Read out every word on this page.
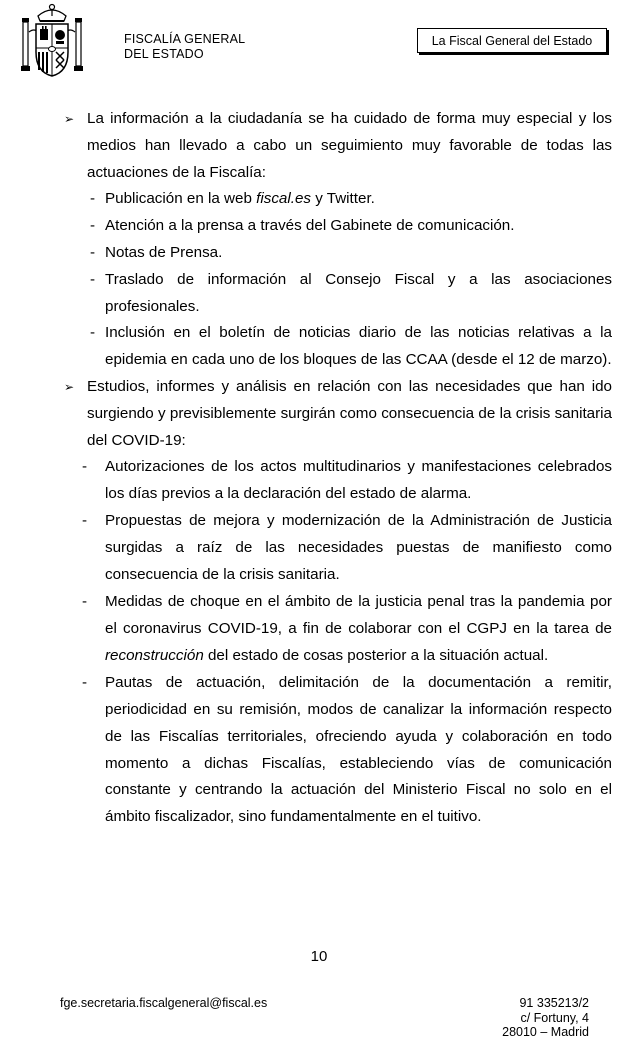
FISCALÍA GENERAL
DEL ESTADO
La Fiscal General del Estado
➢ La información a la ciudadanía se ha cuidado de forma muy especial y los medios han llevado a cabo un seguimiento muy favorable de todas las actuaciones de la Fiscalía:
- Publicación en la web fiscal.es y Twitter.
- Atención a la prensa a través del Gabinete de comunicación.
- Notas de Prensa.
- Traslado de información al Consejo Fiscal y a las asociaciones profesionales.
- Inclusión en el boletín de noticias diario de las noticias relativas a la epidemia en cada uno de los bloques de las CCAA (desde el 12 de marzo).
➢ Estudios, informes y análisis en relación con las necesidades que han ido surgiendo y previsiblemente surgirán como consecuencia de la crisis sanitaria del COVID-19:
- Autorizaciones de los actos multitudinarios y manifestaciones celebrados los días previos a la declaración del estado de alarma.
- Propuestas de mejora y modernización de la Administración de Justicia surgidas a raíz de las necesidades puestas de manifiesto como consecuencia de la crisis sanitaria.
- Medidas de choque en el ámbito de la justicia penal tras la pandemia por el coronavirus COVID-19, a fin de colaborar con el CGPJ en la tarea de reconstrucción del estado de cosas posterior a la situación actual.
- Pautas de actuación, delimitación de la documentación a remitir, periodicidad en su remisión, modos de canalizar la información respecto de las Fiscalías territoriales, ofreciendo ayuda y colaboración en todo momento a dichas Fiscalías, estableciendo vías de comunicación constante y centrando la actuación del Ministerio Fiscal no solo en el ámbito fiscalizador, sino fundamentalmente en el tuitivo.
10
fge.secretaria.fiscalgeneral@fiscal.es	91 335213/2
c/ Fortuny, 4
28010 – Madrid
